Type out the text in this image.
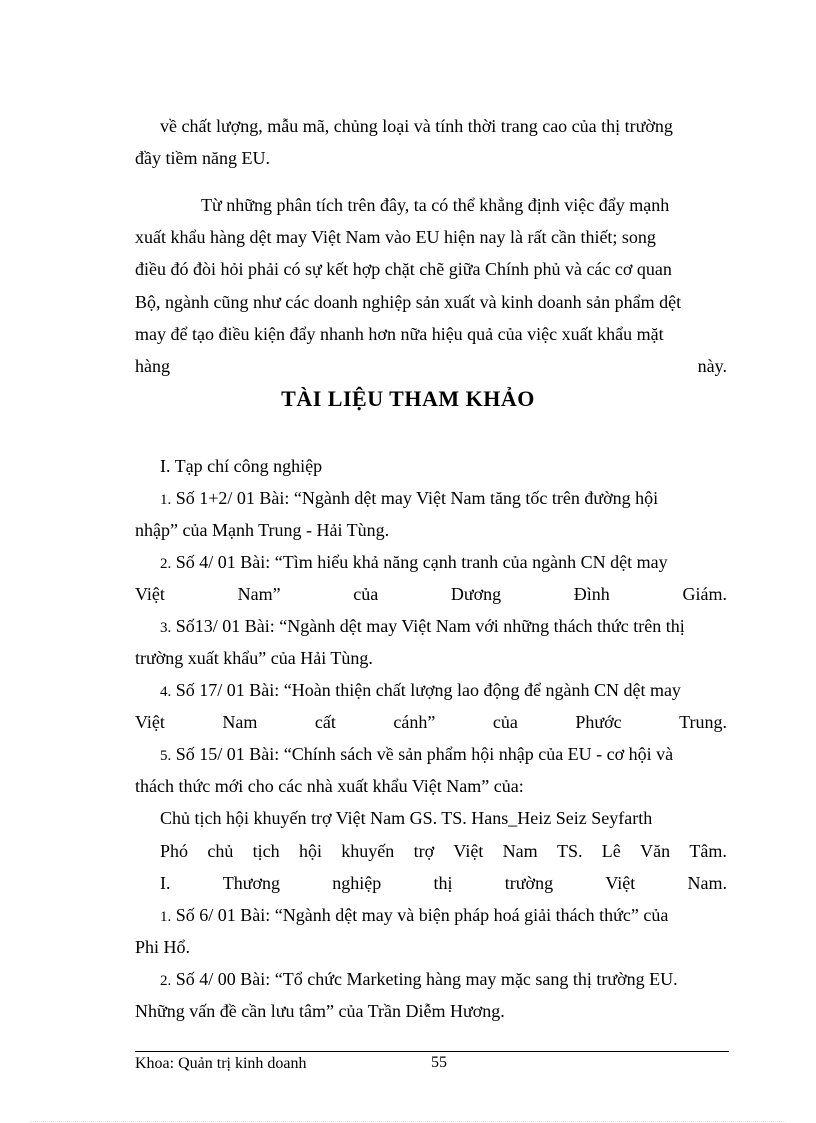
về chất lượng, mẫu mã, chủng loại và tính thời trang cao của thị trường
đầy tiềm năng EU.
Từ những phân tích trên đây, ta có thể khẳng định việc đẩy mạnh
xuất khẩu hàng dệt may Việt Nam vào EU hiện nay là rất cần thiết; song
điều đó đòi hỏi phải có sự kết hợp chặt chẽ giữa Chính phủ và các cơ quan
Bộ, ngành cũng như các doanh nghiệp sản xuất và kinh doanh sản phẩm dệt
may để tạo điều kiện đẩy nhanh hơn nữa hiệu quả của việc xuất khẩu mặt
hàng	này.
TÀI LIỆU THAM KHẢO
I. Tạp chí công nghiệp
1. Số 1+2/ 01 Bài: “Ngành dệt may Việt Nam tăng tốc trên đường hội
nhập” của Mạnh Trung - Hải Tùng.
2. Số 4/ 01 Bài: “Tìm hiểu khả năng cạnh tranh của ngành CN dệt may
Việt	Nam”	của	Dương	Đình	Giám.
3. Số13/ 01 Bài: “Ngành dệt may Việt Nam với những thách thức trên thị
trường xuất khẩu” của Hải Tùng.
4. Số 17/ 01 Bài: “Hoàn thiện chất lượng lao động để ngành CN dệt may
Việt	Nam	cất	cánh”	của	Phước	Trung.
5. Số 15/ 01 Bài: “Chính sách về sản phẩm hội nhập của EU - cơ hội và
thách thức mới cho các nhà xuất khẩu Việt Nam” của:
Chủ tịch hội khuyến trợ Việt Nam GS. TS. Hans_Heiz Seiz Seyfarth
Phó chủ tịch hội khuyến trợ Việt Nam TS. Lê Văn Tâm.
I.	Thương	nghiệp	thị	trường	Việt	Nam.
1. Số 6/ 01 Bài: “Ngành dệt may và biện pháp hoá giải thách thức” của
Phi Hổ.
2. Số 4/ 00 Bài: “Tổ chức Marketing hàng may mặc sang thị trường EU.
Những vấn đề cần lưu tâm” của Trần Diễm Hương.
Khoa: Quản trị kinh doanh	55
